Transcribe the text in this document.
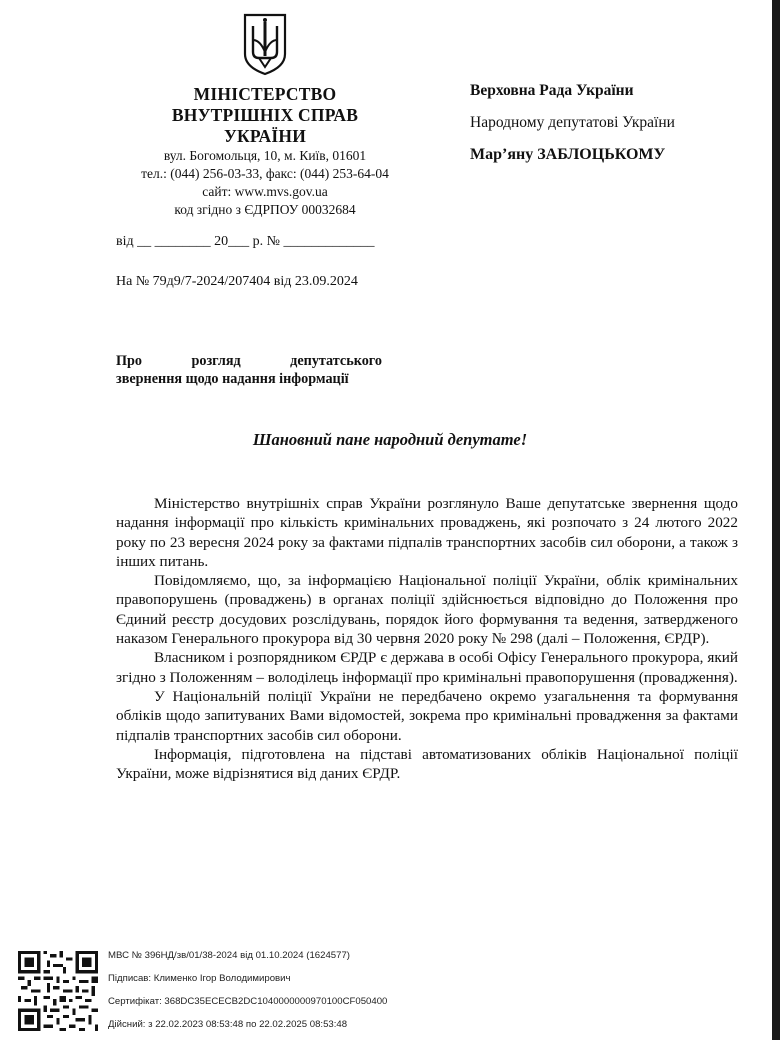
МІНІСТЕРСТВО
ВНУТРІШНІХ СПРАВ
УКРАЇНИ
вул. Богомольця, 10, м. Київ, 01601
тел.: (044) 256-03-33, факс: (044) 253-64-04
сайт: www.mvs.gov.ua
код згідно з ЄДРПОУ 00032684
Верховна Рада України
Народному депутатові України
Мар’яну ЗАБЛОЦЬКОМУ
від __ ________ 20___ р. № _____________
На № 79д9/7-2024/207404 від 23.09.2024
Про розгляд депутатського
звернення щодо надання інформації
Шановний пане народний депутате!

Міністерство внутрішніх справ України розглянуло Ваше депутатське звернення щодо надання інформації про кількість кримінальних проваджень, які розпочато з 24 лютого 2022 року по 23 вересня 2024 року за фактами підпалів транспортних засобів сил оборони, а також з інших питань.

Повідомляємо, що, за інформацією Національної поліції України, облік кримінальних правопорушень (проваджень) в органах поліції здійснюється відповідно до Положення про Єдиний реєстр досудових розслідувань, порядок його формування та ведення, затвердженого наказом Генерального прокурора від 30 червня 2020 року № 298 (далі – Положення, ЄРДР).

Власником і розпорядником ЄРДР є держава в особі Офісу Генерального прокурора, який згідно з Положенням – володілець інформації про кримінальні правопорушення (провадження).

У Національній поліції України не передбачено окремо узагальнення та формування обліків щодо запитуваних Вами відомостей, зокрема про кримінальні провадження за фактами підпалів транспортних засобів сил оборони.

Інформація, підготовлена на підставі автоматизованих обліків Національної поліції України, може відрізнятися від даних ЄРДР.

МВС № 396НД/зв/01/38-2024 від 01.10.2024 (1624577)
Підписав: Клименко Ігор Володимирович
Сертифікат: 368DC35ECECB2DC1040000000970100CF050400
Дійсний: з 22.02.2023 08:53:48 по 22.02.2025 08:53:48
